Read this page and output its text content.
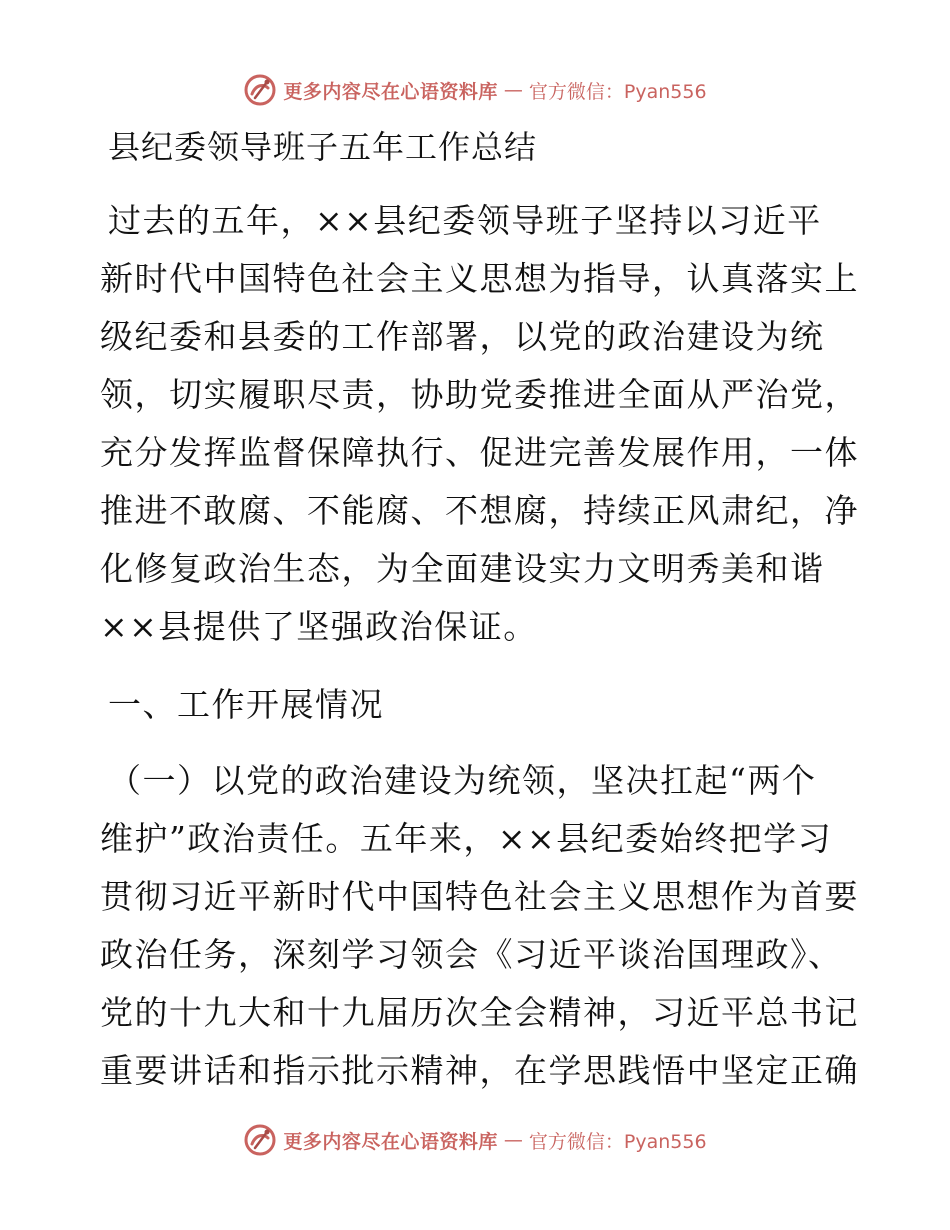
更多内容尽在心语资料库 — 官方微信：Pyan556
县纪委领导班子五年工作总结
过去的五年，××县纪委领导班子坚持以习近平
新时代中国特色社会主义思想为指导，认真落实上
级纪委和县委的工作部署，以党的政治建设为统
领，切实履职尽责，协助党委推进全面从严治党，
充分发挥监督保障执行、促进完善发展作用，一体
推进不敢腐、不能腐、不想腐，持续正风肃纪，净
化修复政治生态，为全面建设实力文明秀美和谐
××县提供了坚强政治保证。
一、工作开展情况
（一）以党的政治建设为统领，坚决扛起“两个
维护”政治责任。五年来，××县纪委始终把学习
贯彻习近平新时代中国特色社会主义思想作为首要
政治任务，深刻学习领会《习近平谈治国理政》、
党的十九大和十九届历次全会精神，习近平总书记
重要讲话和指示批示精神，在学思践悟中坚定正确
更多内容尽在心语资料库 — 官方微信：Pyan556
